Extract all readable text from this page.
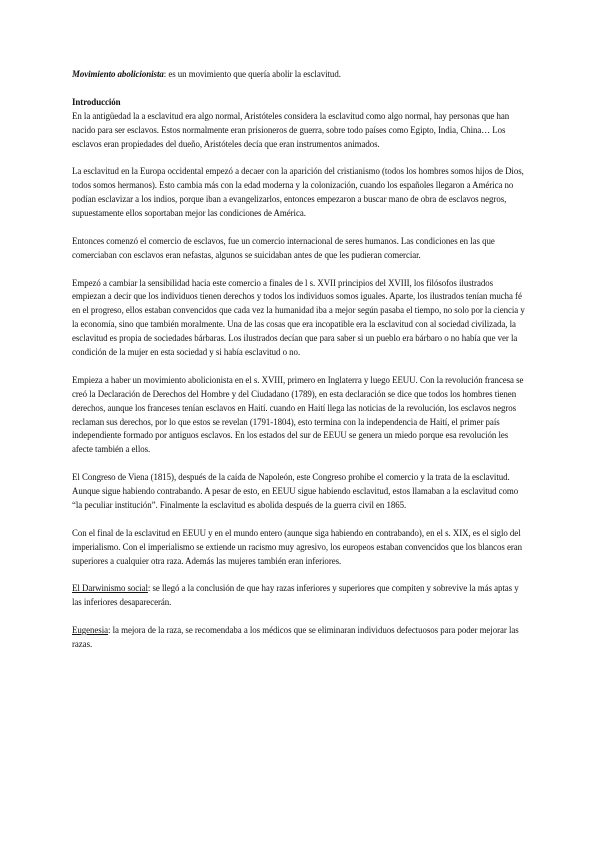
Movimiento abolicionista: es un movimiento que quería abolir la esclavitud.

Introducción
En la antigüedad la a esclavitud era algo normal, Aristóteles considera la esclavitud como algo normal, hay personas que han nacido para ser esclavos. Estos normalmente eran prisioneros de guerra, sobre todo países como Egipto, India, China… Los esclavos eran propiedades del dueño, Aristóteles decía que eran instrumentos animados.

La esclavitud en la Europa occidental empezó a decaer con la aparición del cristianismo (todos los hombres somos hijos de Dios, todos somos hermanos). Esto cambia más con la edad moderna y la colonización, cuando los españoles llegaron a América no podían esclavizar a los indios, porque iban a evangelizarlos, entonces empezaron a buscar mano de obra de esclavos negros, supuestamente ellos soportaban mejor las condiciones de América.

Entonces comenzó el comercio de esclavos, fue un comercio internacional de seres humanos. Las condiciones en las que comerciaban con esclavos eran nefastas, algunos se suicidaban antes de que les pudieran comerciar.

Empezó a cambiar la sensibilidad hacia este comercio a finales de l s. XVII principios del XVIII, los filósofos ilustrados empiezan a decir que los individuos tienen derechos y todos los individuos somos iguales. Aparte, los ilustrados tenían mucha fé en el progreso, ellos estaban convencidos que cada vez la humanidad iba a mejor según pasaba el tiempo, no solo por la ciencia y la economía, sino que también moralmente. Una de las cosas que era incopatible era la esclavitud con al sociedad civilizada, la esclavitud es propia de sociedades bárbaras. Los ilustrados decían que para saber si un pueblo era bárbaro o no había que ver la condición de la mujer en esta sociedad y si había esclavitud o no.

Empieza a haber un movimiento abolicionista en el s. XVIII, primero en Inglaterra y luego EEUU. Con la revolución francesa se creó la Declaración de Derechos del Hombre y del Ciudadano (1789), en esta declaración se dice que todos los hombres tienen derechos, aunque los franceses tenían esclavos en Haití. cuando en Haití llega las noticias de la revolución, los esclavos negros reclaman sus derechos, por lo que estos se revelan (1791-1804), esto termina con la independencia de Haití, el primer país independiente formado por antiguos esclavos. En los estados del sur de EEUU se genera un miedo porque esa revolución les afecte también a ellos.

El Congreso de Viena (1815), después de la caída de Napoleón, este Congreso prohibe el comercio y la trata de la esclavitud. Aunque sigue habiendo contrabando. A pesar de esto, en EEUU sigue habiendo esclavitud, estos llamaban a la esclavitud como “la peculiar institución”. Finalmente la esclavitud es abolida después de la guerra civil en 1865.

Con el final de la esclavitud en EEUU y en el mundo entero (aunque siga habiendo en contrabando), en el s. XIX, es el siglo del imperialismo. Con el imperialismo se extiende un racismo muy agresivo, los europeos estaban convencidos que los blancos eran superiores a cualquier otra raza. Además las mujeres también eran inferiores.

El Darwinismo social: se llegó a la conclusión de que hay razas inferiores y superiores que compiten y sobrevive la más aptas y las inferiores desaparecerán.

Eugenesia: la mejora de la raza, se recomendaba a los médicos que se eliminaran individuos defectuosos para poder mejorar las razas.
